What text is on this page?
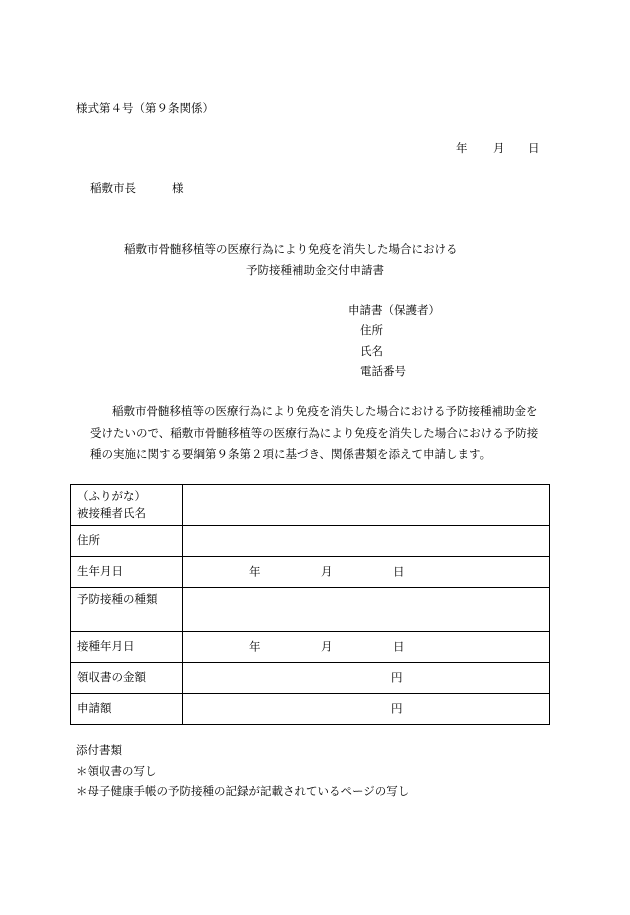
様式第４号（第９条関係）
年 月 日
稲敷市長	様
稲敷市骨髄移植等の医療行為により免疫を消失した場合における
予防接種補助金交付申請書
申請書（保護者）
住所
氏名
電話番号
稲敷市骨髄移植等の医療行為により免疫を消失した場合における予防接種補助金を
受けたいので、稲敷市骨髄移植等の医療行為により免疫を消失した場合における予防接
種の実施に関する要綱第９条第２項に基づき、関係書類を添えて申請します。
（ふりがな）
被接種者氏名	

住所	
生年月日	年 月 日

予防接種の種類	
接種年月日	年 月 日

領収書の金額	円

申請額	円
添付書類
＊領収書の写し
＊母子健康手帳の予防接種の記録が記載されているページの写し
